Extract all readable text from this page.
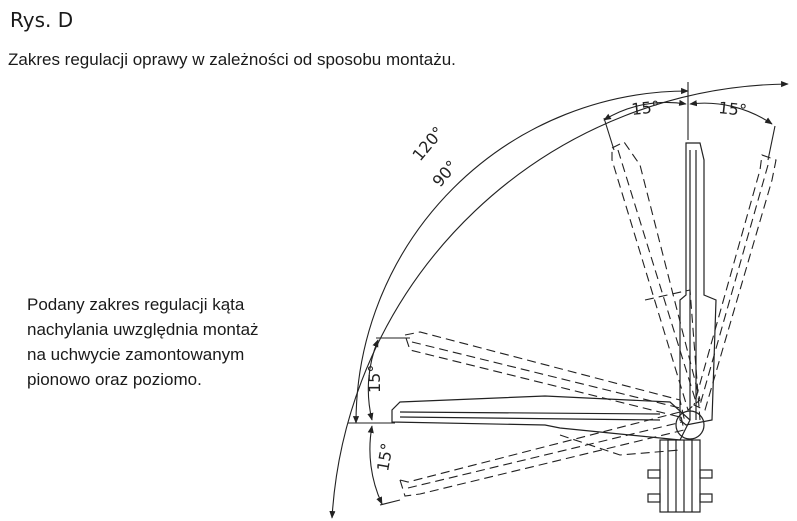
Rys. D

Zakres regulacji oprawy w zależności od sposobu montażu.

Podany zakres regulacji kąta
nachylania uwzględnia montaż
na uchwycie zamontowanym
pionowo oraz poziomo.
120°
90°
15°	15°
15°
15°
